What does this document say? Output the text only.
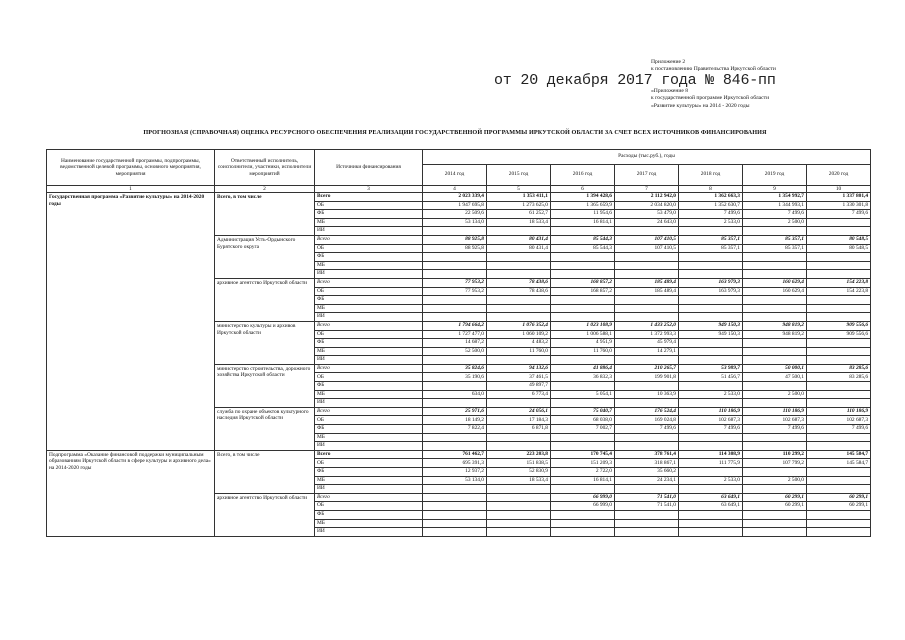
Приложение 2
к постановлению Правительства Иркутской области
«Приложение 8
к государственной программе Иркутской области
«Развитие культуры» на 2014 - 2020 годы
от 20 декабря 2017 года № 846-пп
ПРОГНОЗНАЯ (СПРАВОЧНАЯ) ОЦЕНКА РЕСУРСНОГО ОБЕСПЕЧЕНИЯ РЕАЛИЗАЦИИ ГОСУДАРСТВЕННОЙ ПРОГРАММЫ ИРКУТСКОЙ ОБЛАСТИ ЗА СЧЕТ ВСЕХ ИСТОЧНИКОВ ФИНАНСИРОВАНИЯ
Наименование государственной программы, подпрограммы, ведомственной целевой программы, основного мероприятия, мероприятия	Ответственный исполнитель, соисполнители, участники, исполнители мероприятий	Источники финансирования	Расходы (тыс.руб.), годы						
			2014 год	2015 год	2016 год	2017 год	2018 год	2019 год	2020 год
1	2	3	4	5	6	7	8	9	10
Государственная программа «Развитие культуры» на 2014-2020 годы	Всего, в том числе	Всего	2 023 339,4	1 353 411,1	1 394 428,6	2 112 942,0	1 362 663,3	1 354 992,7	1 337 801,4
		ОБ	1 947 695,8	1 273 625,0	1 365 659,9	2 034 820,0	1 352 630,7	1 344 993,1	1 330 301,8
		ФБ	22 509,6	61 252,7	11 954,6	53 479,0	7 499,6	7 499,6	7 499,6
		МБ	53 134,0	18 533,4	16 814,1	24 643,0	2 533,0	2 500,0	
		ИИ							
	Администрация Усть-Ордынского Бурятского округа	Всего	88 925,8	80 431,4	85 544,3	107 410,5	85 357,1	85 357,1	80 548,5
		ОБ	88 925,8	80 431,4	85 544,3	107 410,5	85 357,1	85 357,1	80 548,5
		ФБ							
		МБ							
		ИИ							
	архивное агентство Иркутской области	Всего	77 953,2	78 438,6	168 857,2	185 489,4	163 979,3	160 629,4	154 223,8
		ОБ	77 953,2	78 438,6	168 857,2	185 489,4	163 979,3	160 629,4	154 223,8
		ФБ							
		МБ							
		ИИ							
	министерство культуры и архивов Иркутской области	Всего	1 794 664,2	1 076 352,4	1 023 108,9	1 433 252,0	949 150,3	948 819,2	909 556,6
		ОБ	1 727 477,0	1 060 109,2	1 006 588,1	1 372 993,3	949 150,3	948 819,2	909 556,6
		ФБ	14 687,2	4 483,2	4 951,9	45 979,4			
		МБ	52 500,0	11 760,0	11 760,0	14 279,1			
		ИИ							
	министерство строительства, дорожного хозяйства Иркутской области	Всего	35 824,6	94 132,6	41 886,4	210 265,7	53 989,7	50 000,1	83 285,6
		ОБ	35 190,6	37 461,5	36 832,3	199 901,8	51 456,7	47 500,1	83 285,6
		ФБ		49 897,7					
		МБ	634,0	6 773,4	5 054,1	10 363,9	2 533,0	2 500,0	
		ИИ							
	служба по охране объектов культурного наследия Иркутской области	Всего	25 971,6	24 056,1	75 040,7	176 524,4	110 186,9	110 186,9	110 186,9
		ОБ	18 149,2	17 184,3	68 038,0	169 024,8	102 687,3	102 687,3	102 687,3
		ФБ	7 822,4	6 871,8	7 002,7	7 499,6	7 499,6	7 499,6	7 499,6
		МБ							
		ИИ							
Подпрограмма «Оказание финансовой поддержки муниципальным образованиям Иркутской области в сфере культуры и архивного дела» на 2014-2020 годы	Всего, в том числе	Всего	761 462,7	223 203,8	170 745,4	378 761,4	114 308,9	110 299,2	145 584,7
		ОБ	695 391,3	151 838,5	151 209,3	318 867,1	111 775,9	107 799,2	145 584,7
		ФБ	12 937,2	52 830,9	2 722,0	35 660,2			
		МБ	53 134,0	18 533,4	16 814,1	24 234,1	2 533,0	2 500,0	
		ИИ							
	архивное агентство Иркутской области	Всего			66 999,0	71 541,0	63 649,1	60 299,1	60 299,1
		ОБ			66 999,0	71 541,0	63 649,1	60 299,1	60 299,1
		ФБ							
		МБ							
		ИИ							
